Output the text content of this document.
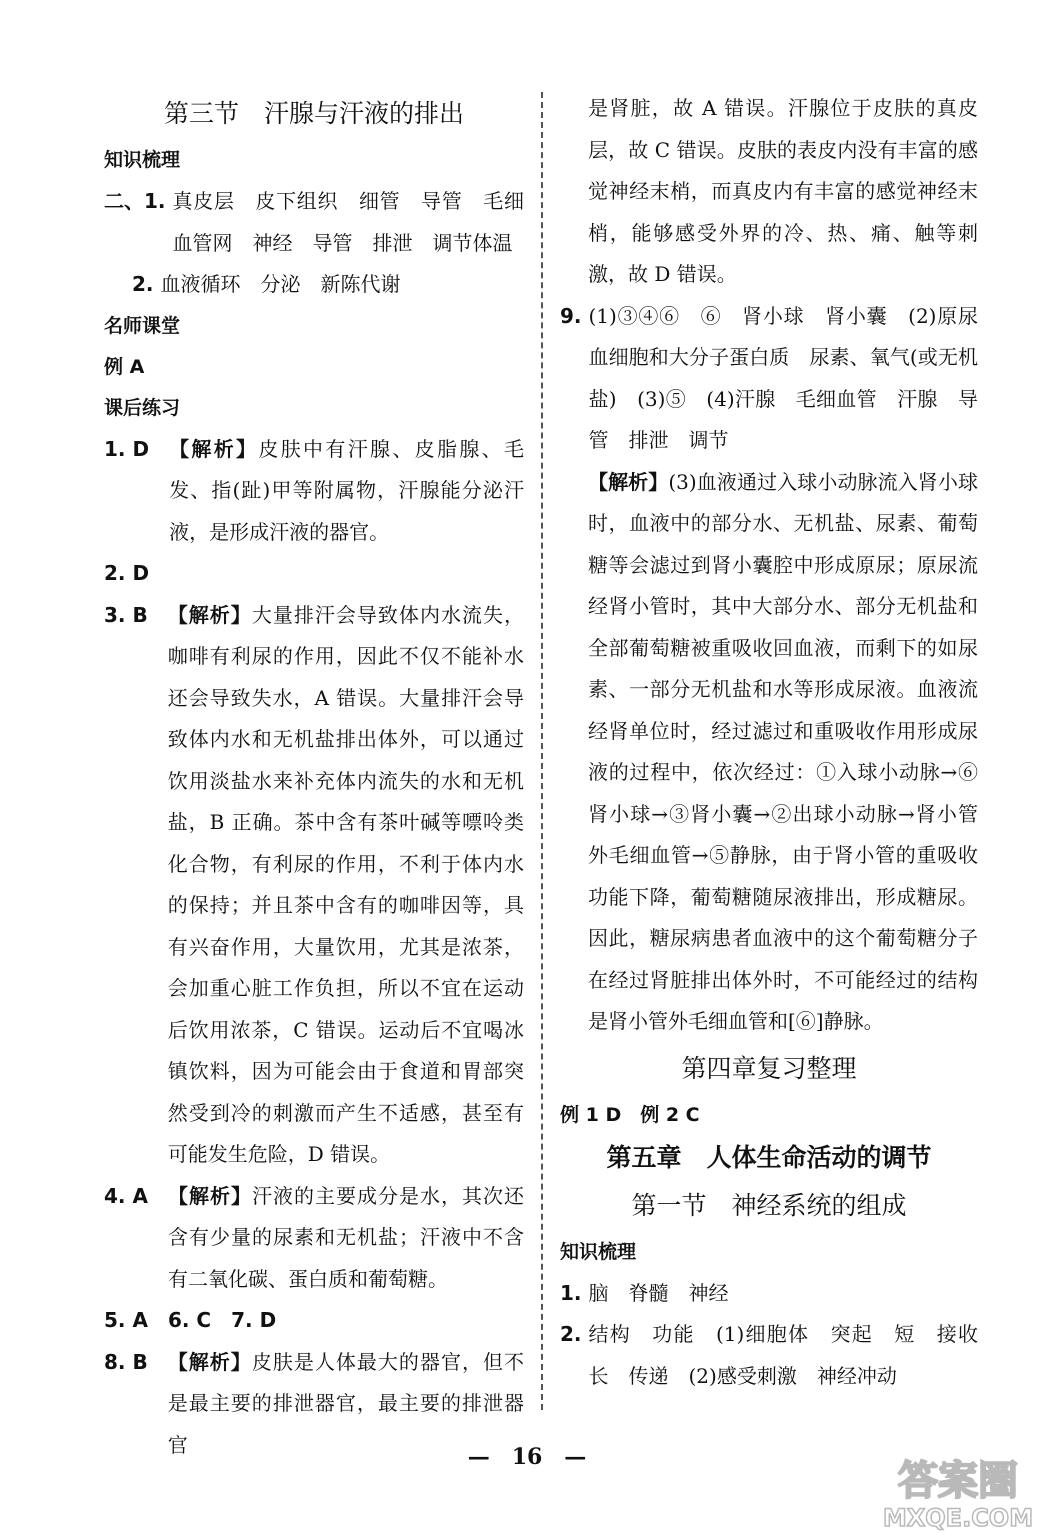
第三节　汗腺与汗液的排出
知识梳理
二、1. 真皮层　皮下组织　细管　导管　毛细血管网　神经　导管　排泄　调节体温
2. 血液循环　分泌　新陈代谢
名师课堂
例 A
课后练习
1. D　 【解析】皮肤中有汗腺、皮脂腺、毛发、指(趾)甲等附属物，汗腺能分泌汗液，是形成汗液的器官。
2. D
3. B　 【解析】大量排汗会导致体内水流失，咖啡有利尿的作用，因此不仅不能补水还会导致失水，A 错误。大量排汗会导致体内水和无机盐排出体外，可以通过饮用淡盐水来补充体内流失的水和无机盐，B 正确。茶中含有茶叶碱等嘌呤类化合物，有利尿的作用，不利于体内水的保持；并且茶中含有的咖啡因等，具有兴奋作用，大量饮用，尤其是浓茶，会加重心脏工作负担，所以不宜在运动后饮用浓茶，C 错误。运动后不宜喝冰镇饮料，因为可能会由于食道和胃部突然受到冷的刺激而产生不适感，甚至有可能发生危险，D 错误。
4. A　 【解析】汗液的主要成分是水，其次还含有少量的尿素和无机盐；汗液中不含有二氧化碳、蛋白质和葡萄糖。
5. A　6. C　7. D
8. B　 【解析】皮肤是人体最大的器官，但不是最主要的排泄器官，最主要的排泄器官
是肾脏，故 A 错误。汗腺位于皮肤的真皮层，故 C 错误。皮肤的表皮内没有丰富的感觉神经末梢，而真皮内有丰富的感觉神经末梢，能够感受外界的冷、热、痛、触等刺激，故 D 错误。
9. (1)③④⑥　⑥　肾小球　肾小囊　(2)原尿　血细胞和大分子蛋白质　尿素、氧气(或无机盐)　(3)⑤　(4)汗腺　毛细血管　汗腺　导管　排泄　调节
【解析】(3)血液通过入球小动脉流入肾小球时，血液中的部分水、无机盐、尿素、葡萄糖等会滤过到肾小囊腔中形成原尿；原尿流经肾小管时，其中大部分水、部分无机盐和全部葡萄糖被重吸收回血液，而剩下的如尿素、一部分无机盐和水等形成尿液。血液流经肾单位时，经过滤过和重吸收作用形成尿液的过程中，依次经过：①入球小动脉→⑥肾小球→③肾小囊→②出球小动脉→肾小管外毛细血管→⑤静脉，由于肾小管的重吸收功能下降，葡萄糖随尿液排出，形成糖尿。因此，糖尿病患者血液中的这个葡萄糖分子在经过肾脏排出体外时，不可能经过的结构是肾小管外毛细血管和[⑥]静脉。
第四章复习整理
例 1 D　例 2 C
第五章　人体生命活动的调节
第一节　神经系统的组成
知识梳理
1. 脑　脊髓　神经
2. 结构　功能　(1)细胞体　突起　短　接收　长　传递　(2)感受刺激　神经冲动
—　16　—
答案圈
MXQE.COM
